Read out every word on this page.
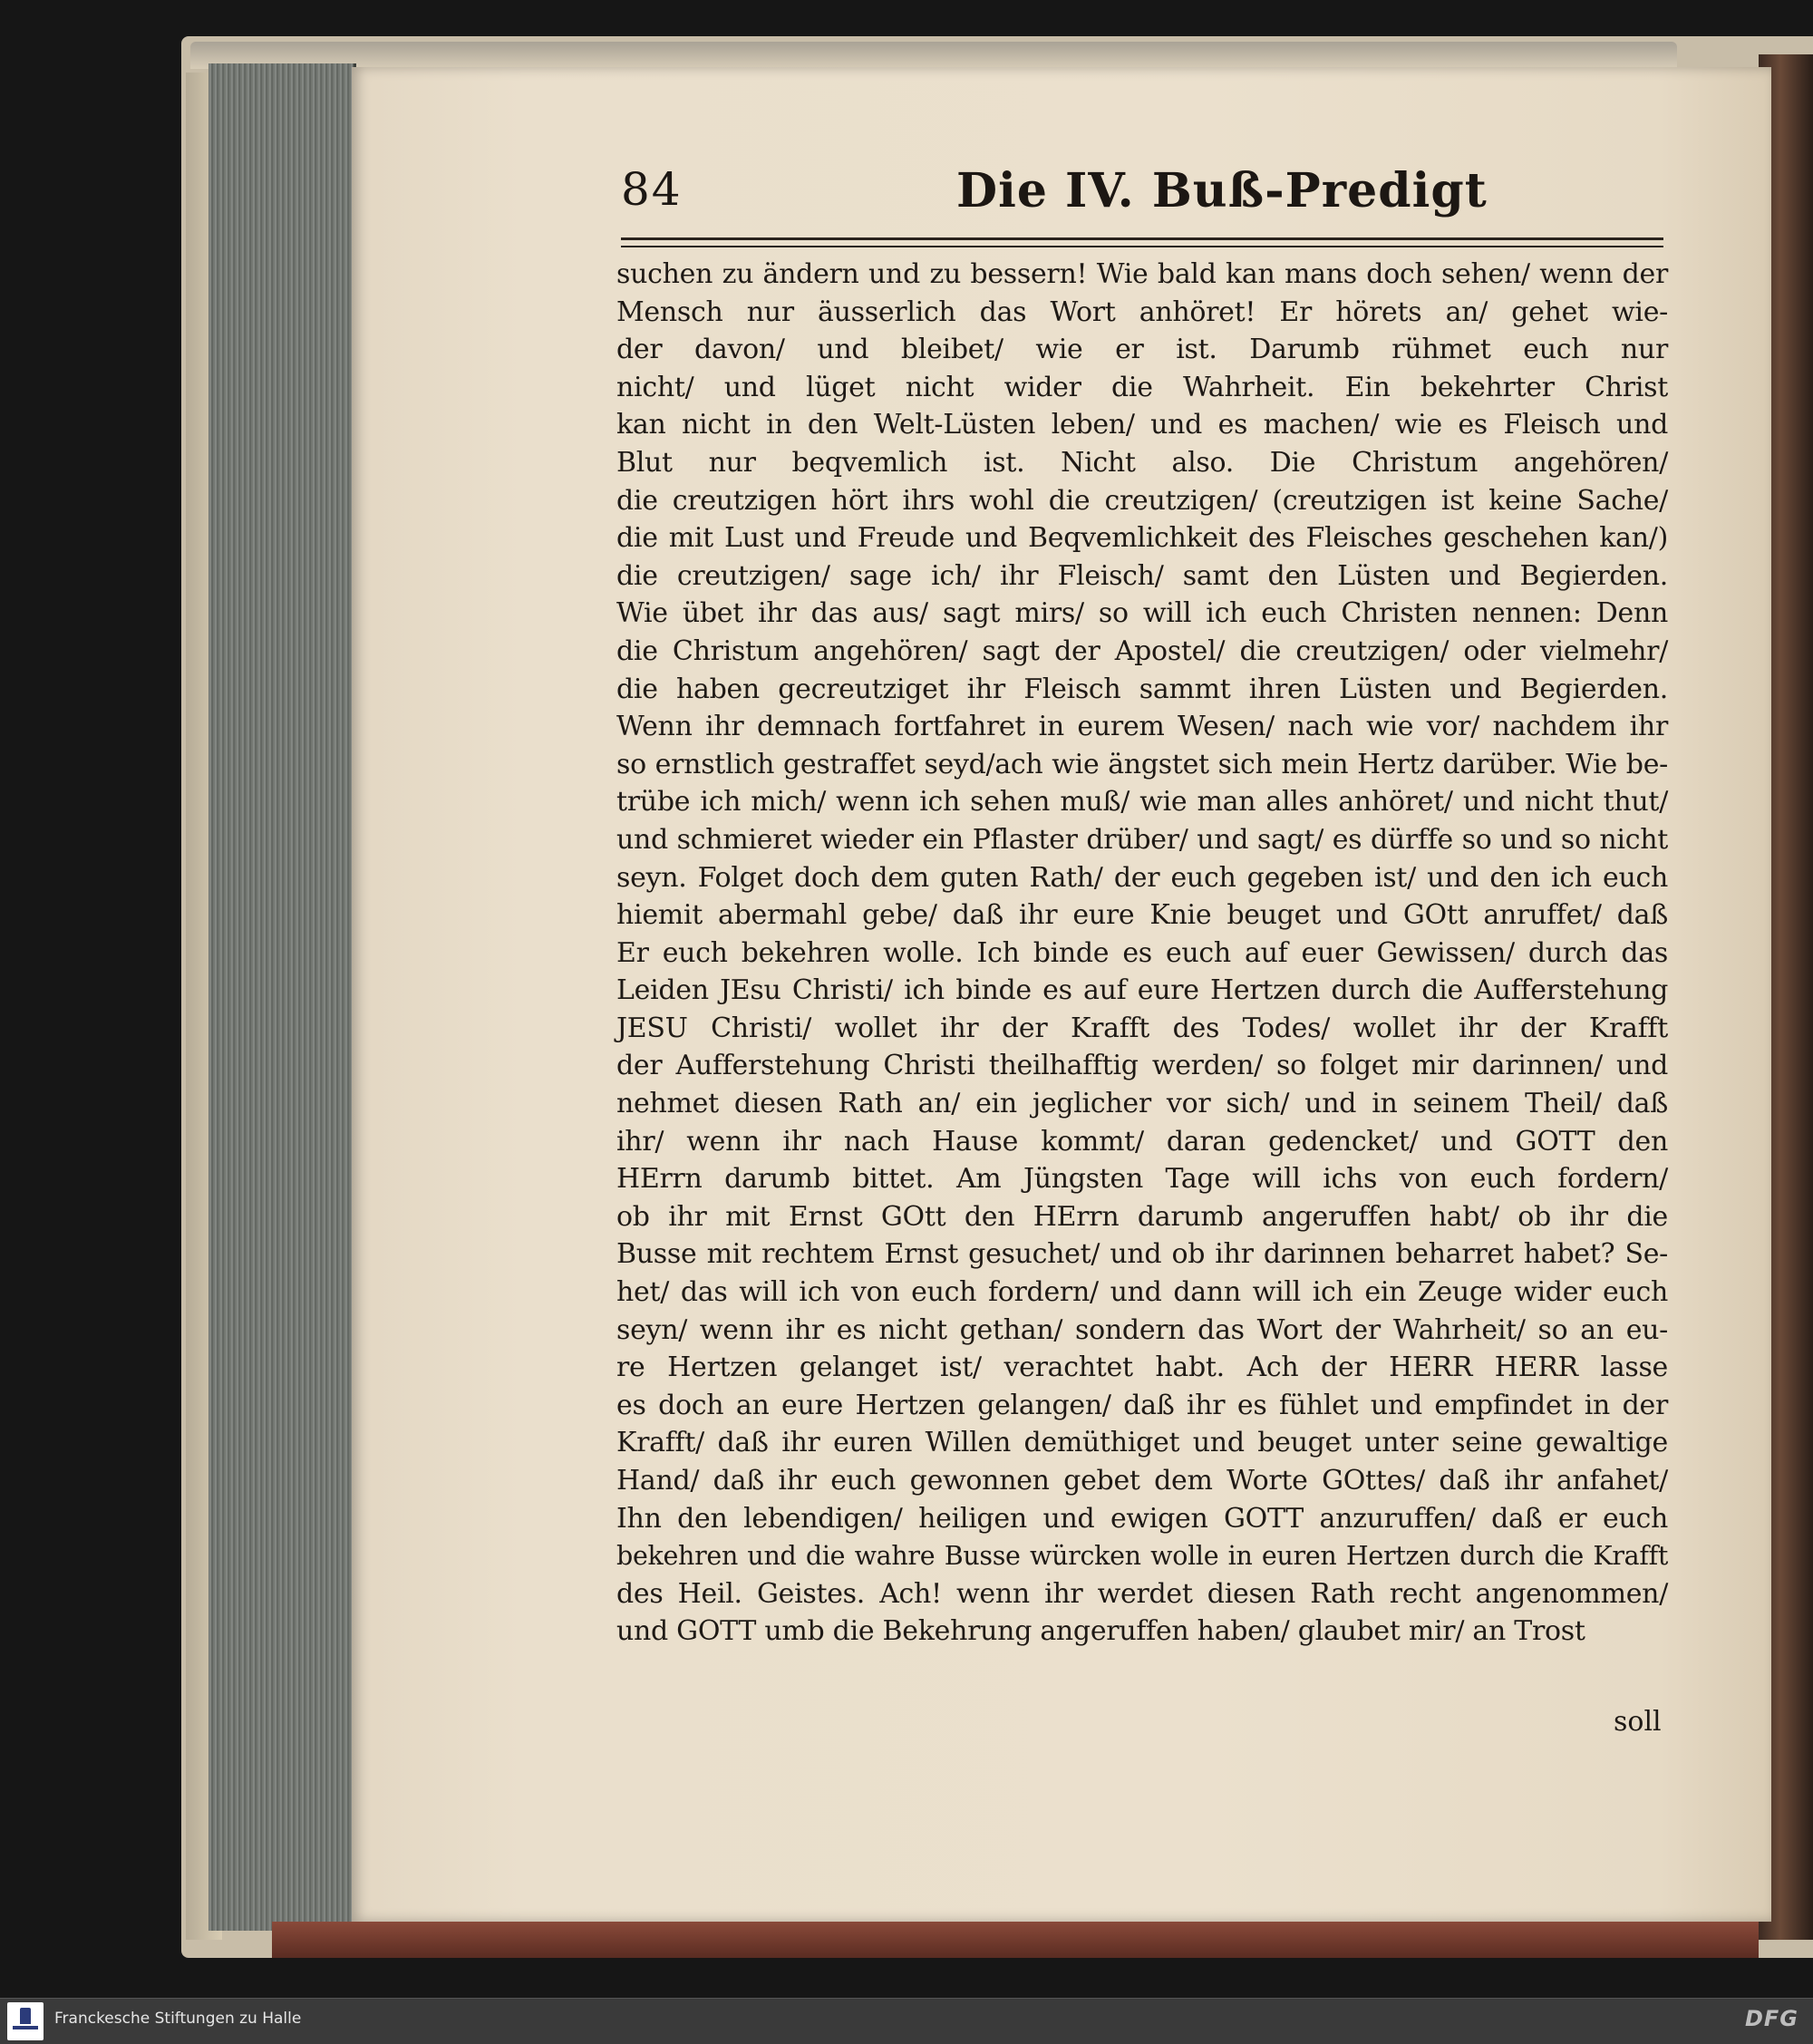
84	Die IV. Buß-Predigt
suchen zu ändern und zu bessern! Wie bald kan mans doch sehen/ wenn der
Mensch nur äusserlich das Wort anhöret! Er hörets an/ gehet wie-
der davon/ und bleibet/ wie er ist. Darumb rühmet euch nur
nicht/ und lüget nicht wider die Wahrheit. Ein bekehrter Christ
kan nicht in den Welt-Lüsten leben/ und es machen/ wie es Fleisch und
Blut nur beqvemlich ist. Nicht also. Die Christum angehören/
die creutzigen hört ihrs wohl die creutzigen/ (creutzigen ist keine Sache/
die mit Lust und Freude und Beqvemlichkeit des Fleisches geschehen kan/)
die creutzigen/ sage ich/ ihr Fleisch/ samt den Lüsten und Begierden.
Wie übet ihr das aus/ sagt mirs/ so will ich euch Christen nennen: Denn
die Christum angehören/ sagt der Apostel/ die creutzigen/ oder vielmehr/
die haben gecreutziget ihr Fleisch sammt ihren Lüsten und Begierden.
Wenn ihr demnach fortfahret in eurem Wesen/ nach wie vor/ nachdem ihr
so ernstlich gestraffet seyd/ach wie ängstet sich mein Hertz darüber. Wie be-
trübe ich mich/ wenn ich sehen muß/ wie man alles anhöret/ und nicht thut/
und schmieret wieder ein Pflaster drüber/ und sagt/ es dürffe so und so nicht
seyn. Folget doch dem guten Rath/ der euch gegeben ist/ und den ich euch
hiemit abermahl gebe/ daß ihr eure Knie beuget und GOtt anruffet/ daß
Er euch bekehren wolle. Ich binde es euch auf euer Gewissen/ durch das
Leiden JEsu Christi/ ich binde es auf eure Hertzen durch die Aufferstehung
JESU Christi/ wollet ihr der Krafft des Todes/ wollet ihr der Krafft
der Aufferstehung Christi theilhafftig werden/ so folget mir darinnen/ und
nehmet diesen Rath an/ ein jeglicher vor sich/ und in seinem Theil/ daß
ihr/ wenn ihr nach Hause kommt/ daran gedencket/ und GOTT den
HErrn darumb bittet. Am Jüngsten Tage will ichs von euch fordern/
ob ihr mit Ernst GOtt den HErrn darumb angeruffen habt/ ob ihr die
Busse mit rechtem Ernst gesuchet/ und ob ihr darinnen beharret habet? Se-
het/ das will ich von euch fordern/ und dann will ich ein Zeuge wider euch
seyn/ wenn ihr es nicht gethan/ sondern das Wort der Wahrheit/ so an eu-
re Hertzen gelanget ist/ verachtet habt. Ach der HERR HERR lasse
es doch an eure Hertzen gelangen/ daß ihr es fühlet und empfindet in der
Krafft/ daß ihr euren Willen demüthiget und beuget unter seine gewaltige
Hand/ daß ihr euch gewonnen gebet dem Worte GOttes/ daß ihr anfahet/
Ihn den lebendigen/ heiligen und ewigen GOTT anzuruffen/ daß er euch
bekehren und die wahre Busse würcken wolle in euren Hertzen durch die Krafft
des Heil. Geistes. Ach! wenn ihr werdet diesen Rath recht angenommen/
und GOTT umb die Bekehrung angeruffen haben/ glaubet mir/ an Trost
soll
Franckesche Stiftungen zu Halle	DFG
